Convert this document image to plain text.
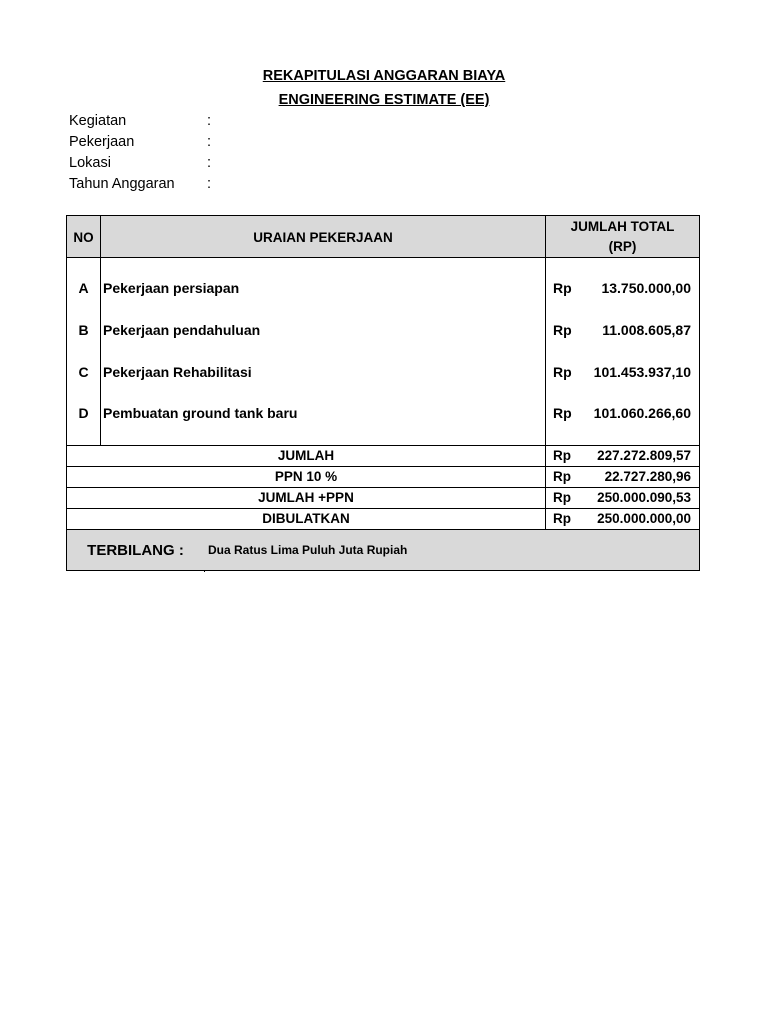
REKAPITULASI ANGGARAN BIAYA
ENGINEERING ESTIMATE (EE)
Kegiatan	:
Pekerjaan	:
Lokasi	:
Tahun Anggaran :
NO	URAIAN PEKERJAAN
JUMLAH TOTAL
(RP)
A	Pekerjaan persiapan	Rp 13.750.000,00
B	Pekerjaan pendahuluan	Rp 11.008.605,87
C	Pekerjaan Rehabilitasi	Rp 101.453.937,10
D	Pembuatan ground tank baru	Rp 101.060.266,60
JUMLAH	Rp 227.272.809,57
PPN 10 %	Rp 22.727.280,96
JUMLAH +PPN	Rp 250.000.090,53
DIBULATKAN	Rp 250.000.000,00
TERBILANG :	Dua Ratus Lima Puluh Juta Rupiah
